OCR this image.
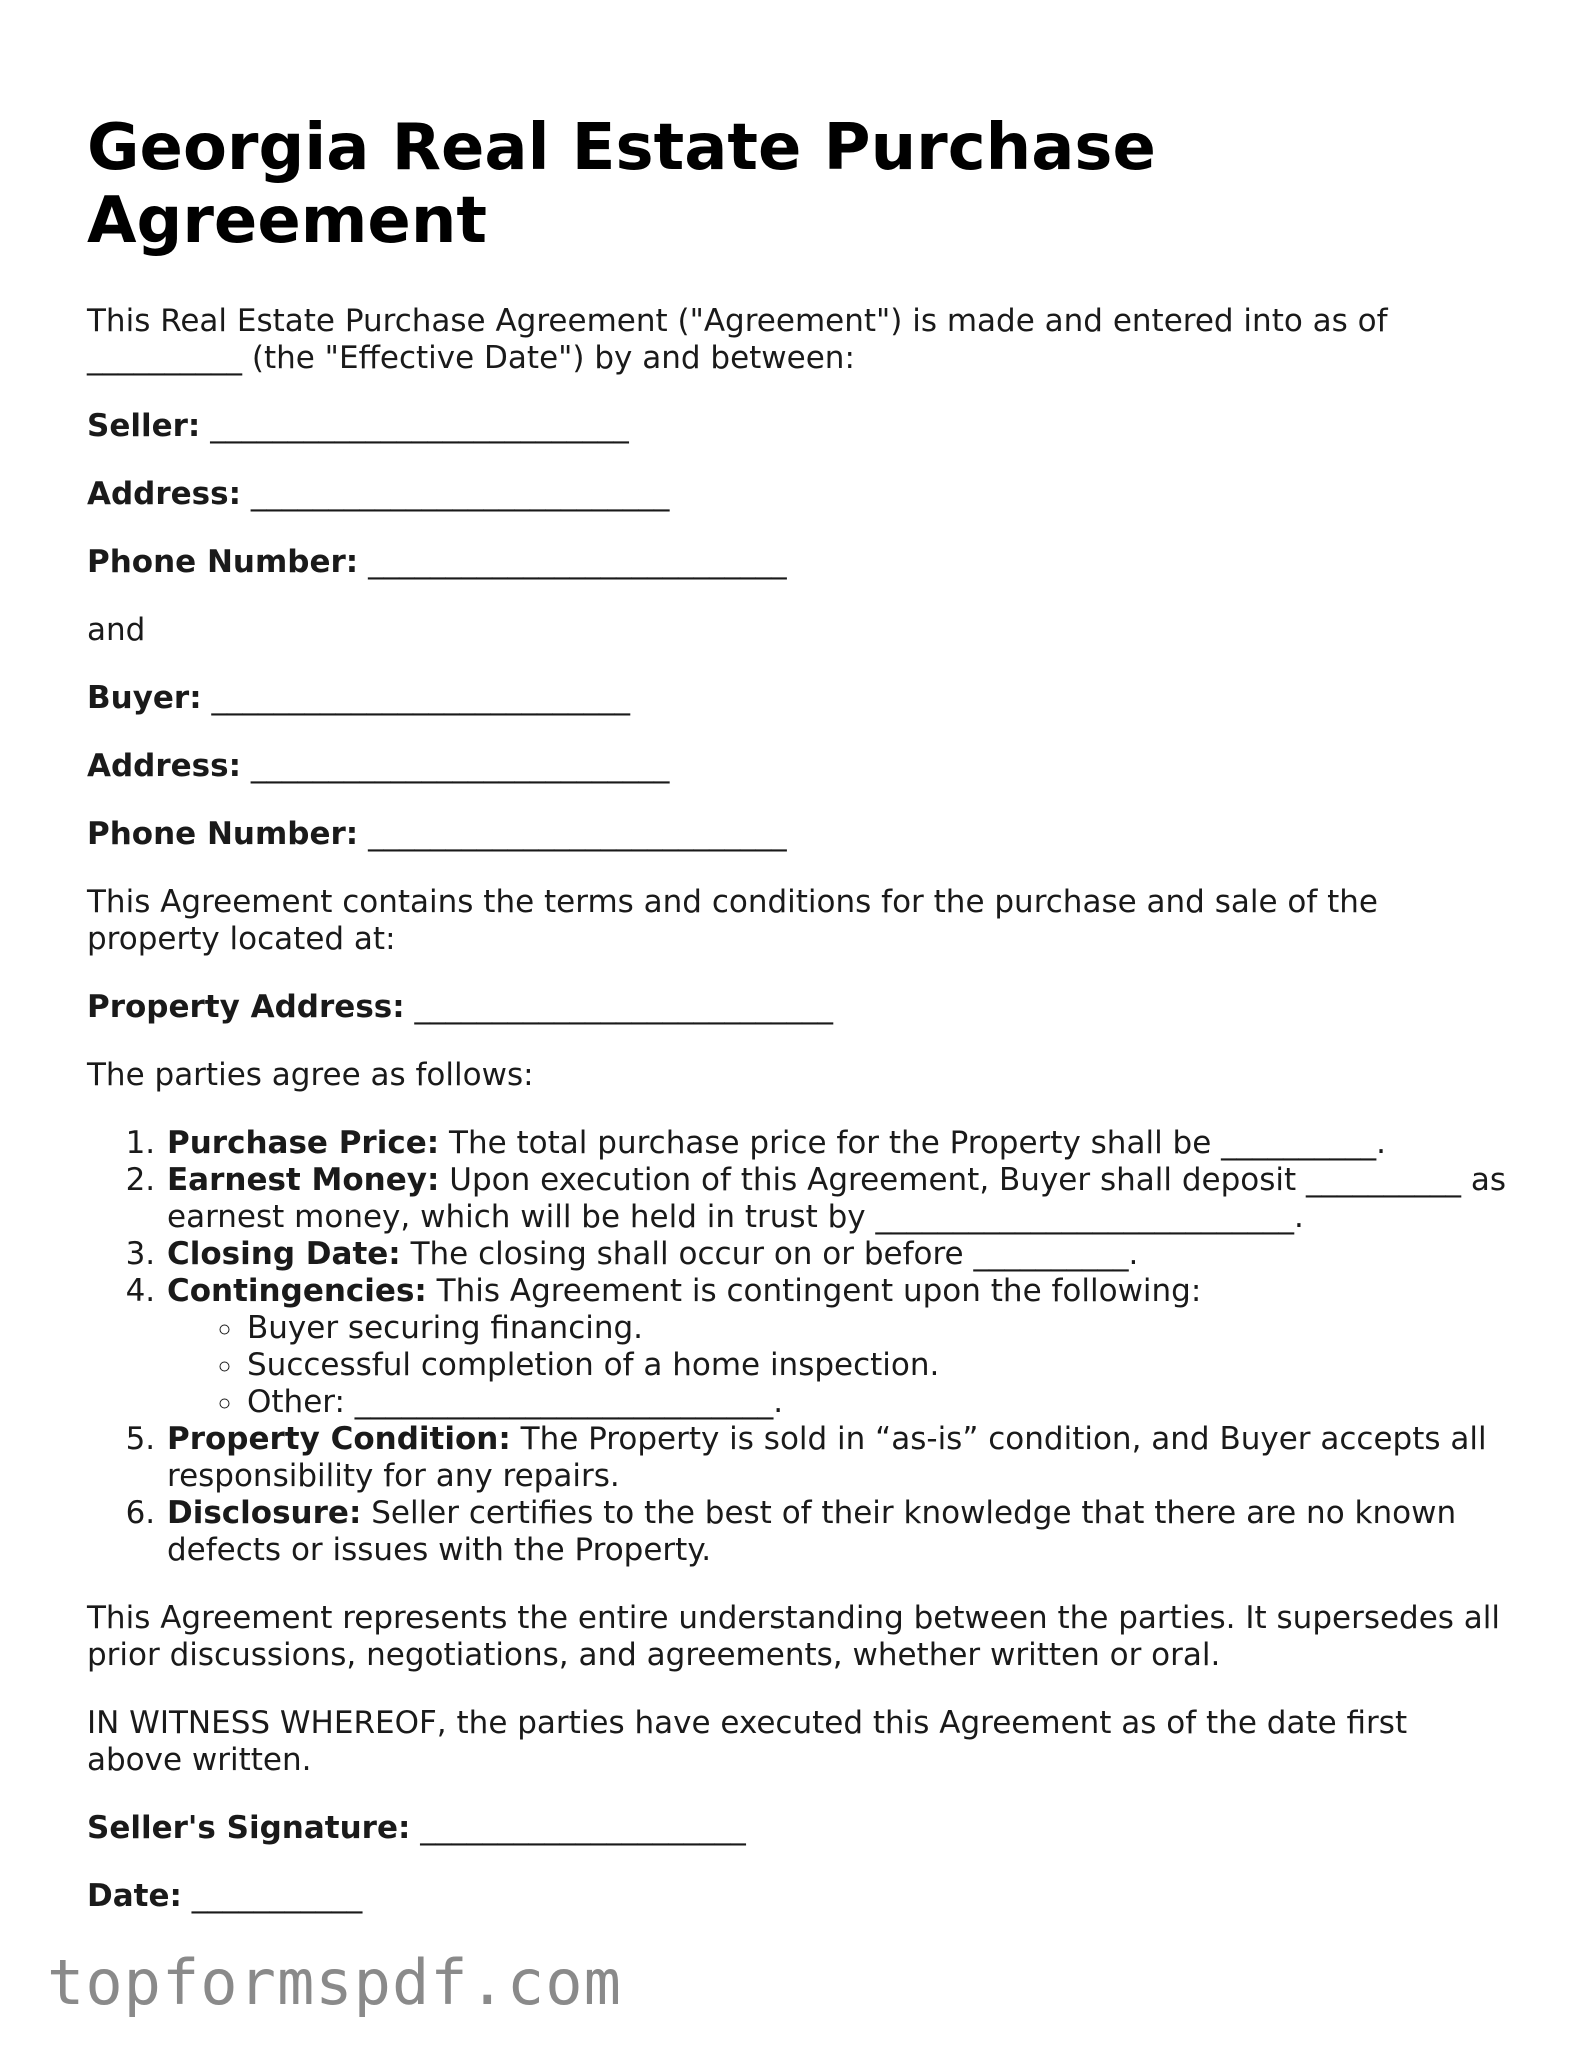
Georgia Real Estate Purchase Agreement

This Real Estate Purchase Agreement ("Agreement") is made and entered into as of
__________ (the "Effective Date") by and between:

Seller: ___________________________

Address: ___________________________

Phone Number: ___________________________

and

Buyer: ___________________________

Address: ___________________________

Phone Number: ___________________________

This Agreement contains the terms and conditions for the purchase and sale of the property located at:

Property Address: ___________________________

The parties agree as follows:

1. Purchase Price: The total purchase price for the Property shall be __________.
2. Earnest Money: Upon execution of this Agreement, Buyer shall deposit __________ as earnest money, which will be held in trust by ___________________________.
3. Closing Date: The closing shall occur on or before __________.
4. Contingencies: This Agreement is contingent upon the following:
◦ Buyer securing financing.
◦ Successful completion of a home inspection.
◦ Other: ___________________________.
5. Property Condition: The Property is sold in “as-is” condition, and Buyer accepts all responsibility for any repairs.
6. Disclosure: Seller certifies to the best of their knowledge that there are no known defects or issues with the Property.

This Agreement represents the entire understanding between the parties. It supersedes all prior discussions, negotiations, and agreements, whether written or oral.

IN WITNESS WHEREOF, the parties have executed this Agreement as of the date first above written.

Seller's Signature: _____________________

Date: ___________

topformspdf.com
